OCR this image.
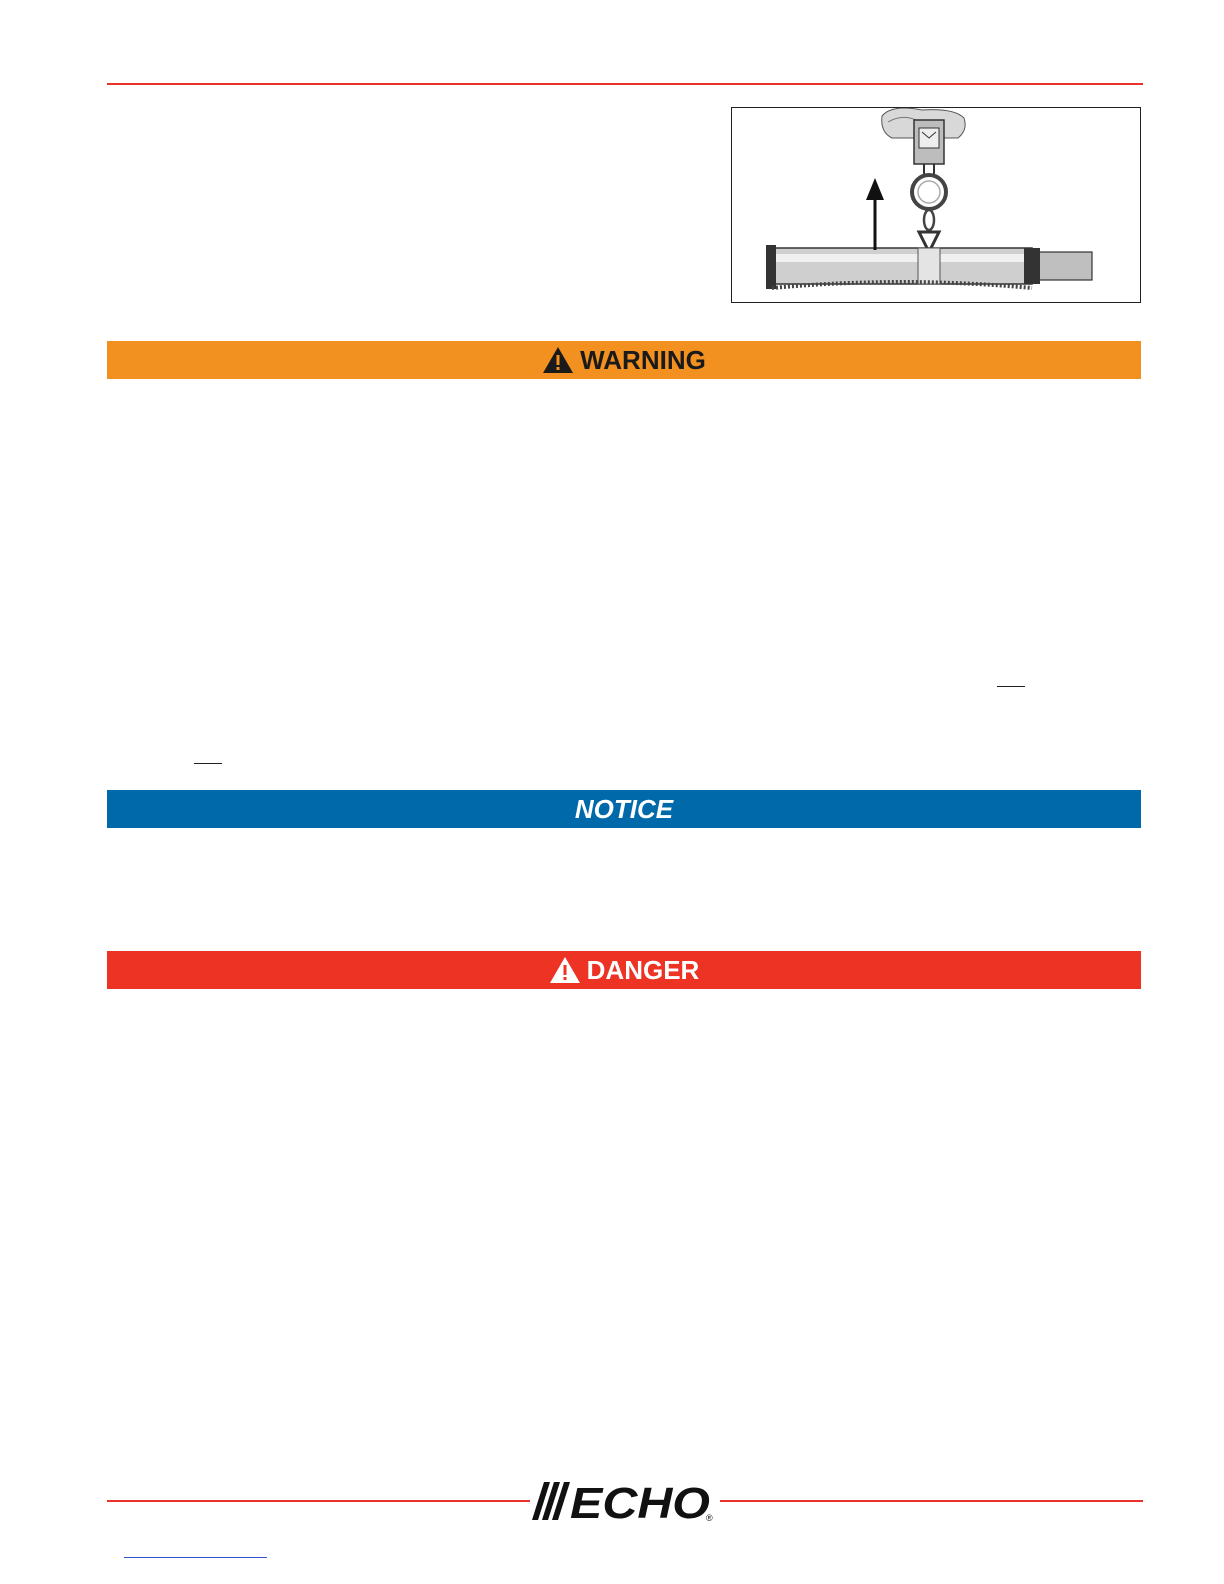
WARNING
NOTICE
DANGER
ECHO
®
